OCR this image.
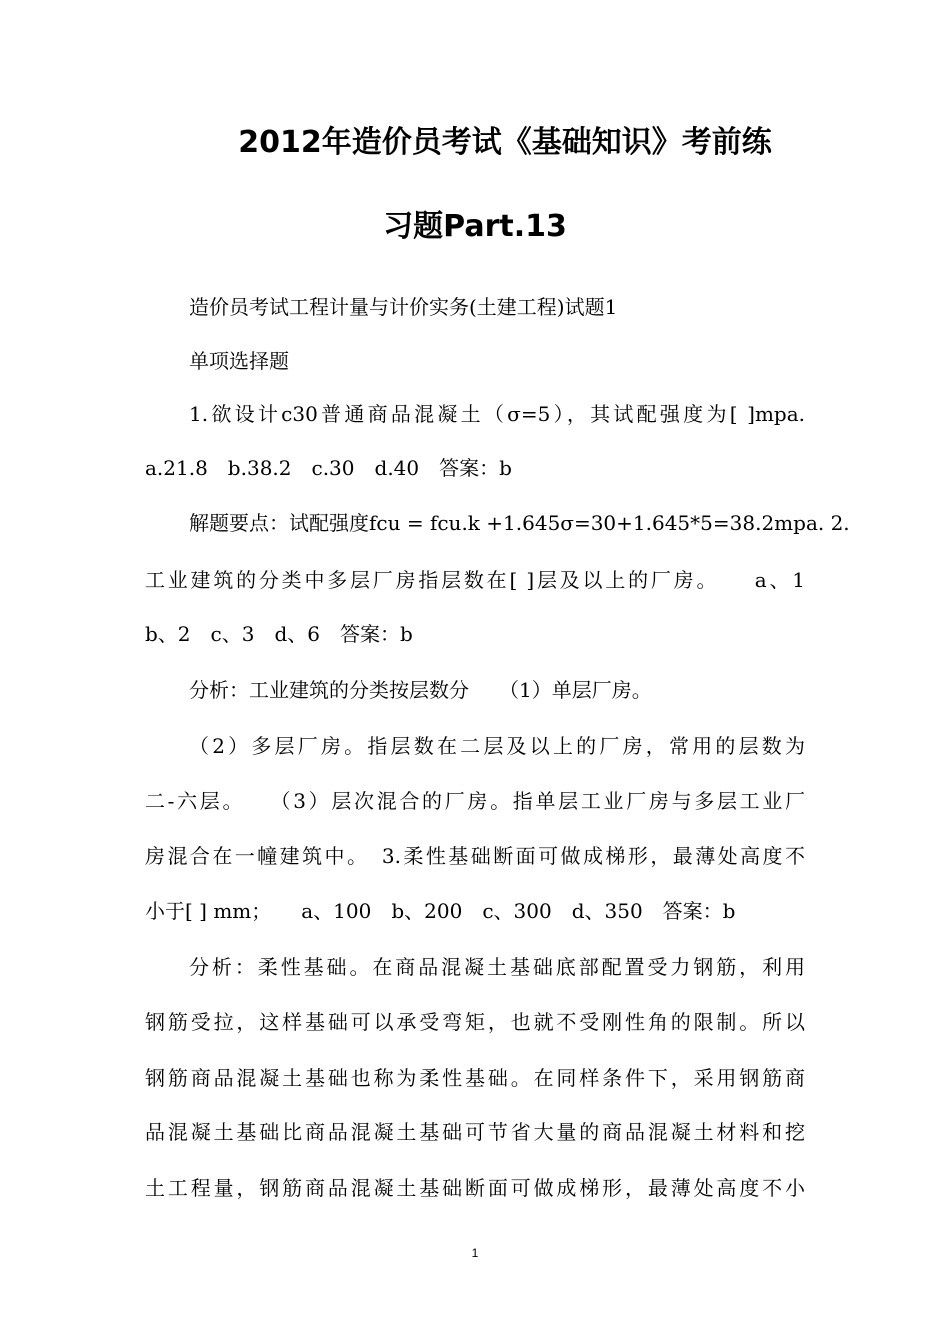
2012年造价员考试《基础知识》考前练
习题Part.13
造价员考试工程计量与计价实务(土建工程)试题1
单项选择题
1.欲设计c30普通商品混凝土（σ=5），其试配强度为[ ]mpa.
a.21.8　b.38.2　c.30　d.40　答案：b
解题要点：试配强度fcu = fcu.k +1.645σ=30+1.645*5=38.2mpa. 2.
工业建筑的分类中多层厂房指层数在[ ]层及以上的厂房。　　a、1
b、2　c、3　d、6　答案：b
分析：工业建筑的分类按层数分　　（1）单层厂房。
（2）多层厂房。指层数在二层及以上的厂房，常用的层数为
二-六层。　　（3）层次混合的厂房。指单层工业厂房与多层工业厂
房混合在一幢建筑中。　3.柔性基础断面可做成梯形，最薄处高度不
小于[ ] mm；　　a、100　b、200　c、300　d、350　答案：b
分析：柔性基础。在商品混凝土基础底部配置受力钢筋，利用
钢筋受拉，这样基础可以承受弯矩，也就不受刚性角的限制。所以
钢筋商品混凝土基础也称为柔性基础。在同样条件下，采用钢筋商
品混凝土基础比商品混凝土基础可节省大量的商品混凝土材料和挖
土工程量，钢筋商品混凝土基础断面可做成梯形，最薄处高度不小
1
